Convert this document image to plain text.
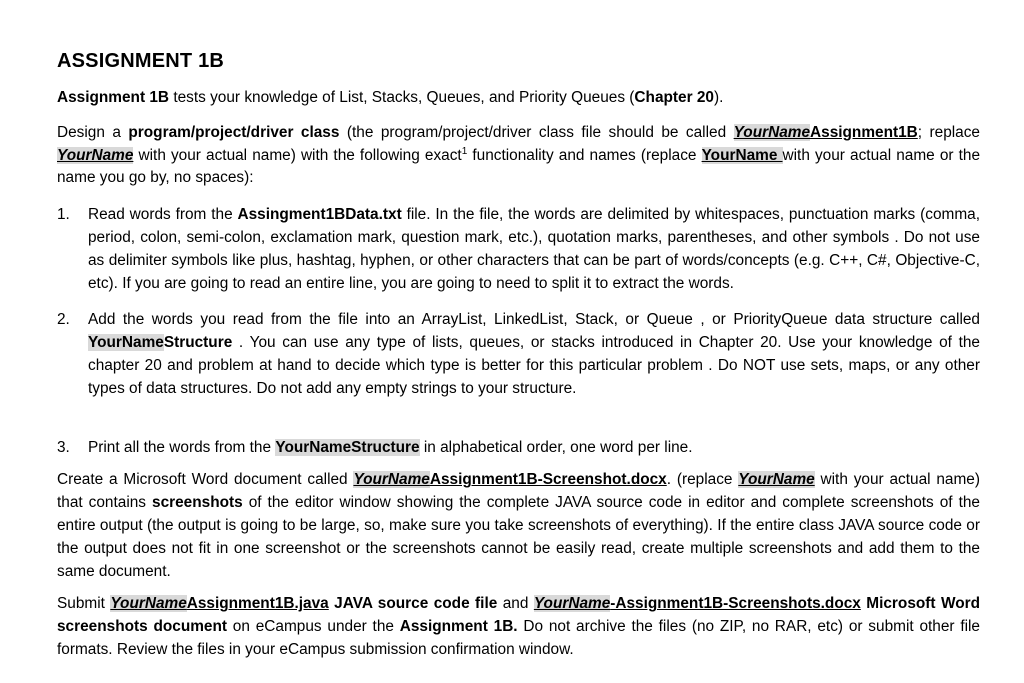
ASSIGNMENT 1B

Assignment 1B tests your knowledge of List, Stacks, Queues, and Priority Queues (Chapter 20).

Design a program/project/driver class (the program/project/driver class file should be called YourNameAssignment1B; replace YourName with your actual name) with the following exact$^1$ functionality and names (replace YourName with your actual name or the name you go by, no spaces):

1. Read words from the Assingment1BData.txt file. In the file, the words are delimited by whitespaces, punctuation marks (comma, period, colon, semi-colon, exclamation mark, question mark, etc.), quotation marks, parentheses, and other symbols . Do not use as delimiter symbols like plus, hashtag, hyphen, or other characters that can be part of words/concepts (e.g. C++, C#, Objective-C, etc). If you are going to read an entire line, you are going to need to split it to extract the words.
2. Add the words you read from the file into an ArrayList, LinkedList, Stack, or Queue , or PriorityQueue data structure called YourNameStructure . You can use any type of lists, queues, or stacks introduced in Chapter 20. Use your knowledge of the chapter 20 and problem at hand to decide which type is better for this particular problem . Do NOT use sets, maps, or any other types of data structures. Do not add any empty strings to your structure.
3. Print all the words from the YourNameStructure in alphabetical order, one word per line.

Create a Microsoft Word document called YourNameAssignment1B-Screenshot.docx. (replace YourName with your actual name) that contains screenshots of the editor window showing the complete JAVA source code in editor and complete screenshots of the entire output (the output is going to be large, so, make sure you take screenshots of everything). If the entire class JAVA source code or the output does not fit in one screenshot or the screenshots cannot be easily read, create multiple screenshots and add them to the same document.

Submit YourNameAssignment1B.java JAVA source code file and YourName-Assignment1B-Screenshots.docx Microsoft Word screenshots document on eCampus under the Assignment 1B. Do not archive the files (no ZIP, no RAR, etc) or submit other file formats. Review the files in your eCampus submission confirmation window.
